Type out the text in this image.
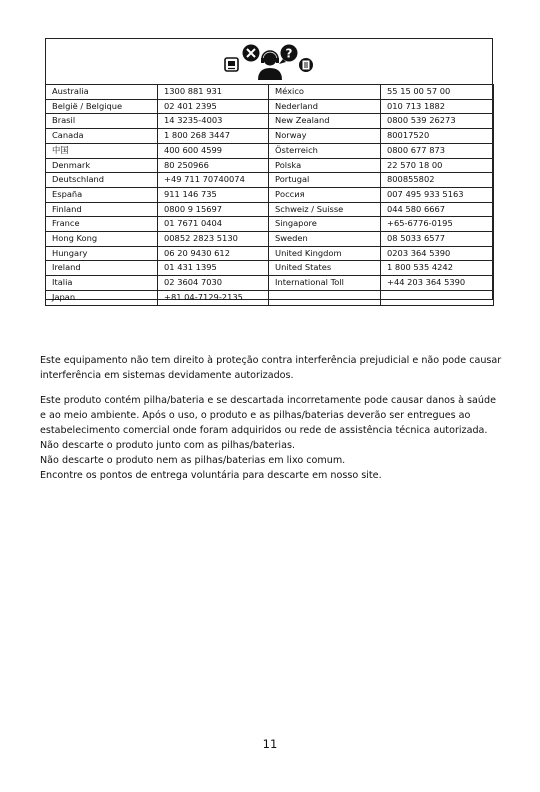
?
Australia	1300 881 931	México	55 15 00 57 00
België / Belgique	02 401 2395	Nederland	010 713 1882
Brasil	14 3235-4003	New Zealand	0800 539 26273
Canada	1 800 268 3447	Norway	80017520
中国	400 600 4599	Österreich	0800 677 873
Denmark	80 250966	Polska	22 570 18 00
Deutschland	+49 711 70740074	Portugal	800855802
España	911 146 735	Россия	007 495 933 5163
Finland	0800 9 15697	Schweiz / Suisse	044 580 6667
France	01 7671 0404	Singapore	+65-6776-0195
Hong Kong	00852 2823 5130	Sweden	08 5033 6577
Hungary	06 20 9430 612	United Kingdom	0203 364 5390
Ireland	01 431 1395	United States	1 800 535 4242
Italia	02 3604 7030	International Toll	+44 203 364 5390
Japan	+81 04-7129-2135		

Este equipamento não tem direito à proteção contra interferência prejudicial e não pode causar interferência em sistemas devidamente autorizados.

Este produto contém pilha/bateria e se descartada incorretamente pode causar danos à saúde e ao meio ambiente. Após o uso, o produto e as pilhas/baterias deverão ser entregues ao estabelecimento comercial onde foram adquiridos ou rede de assistência técnica autorizada.
Não descarte o produto junto com as pilhas/baterias.
Não descarte o produto nem as pilhas/baterias em lixo comum.
Encontre os pontos de entrega voluntária para descarte em nosso site.
11
